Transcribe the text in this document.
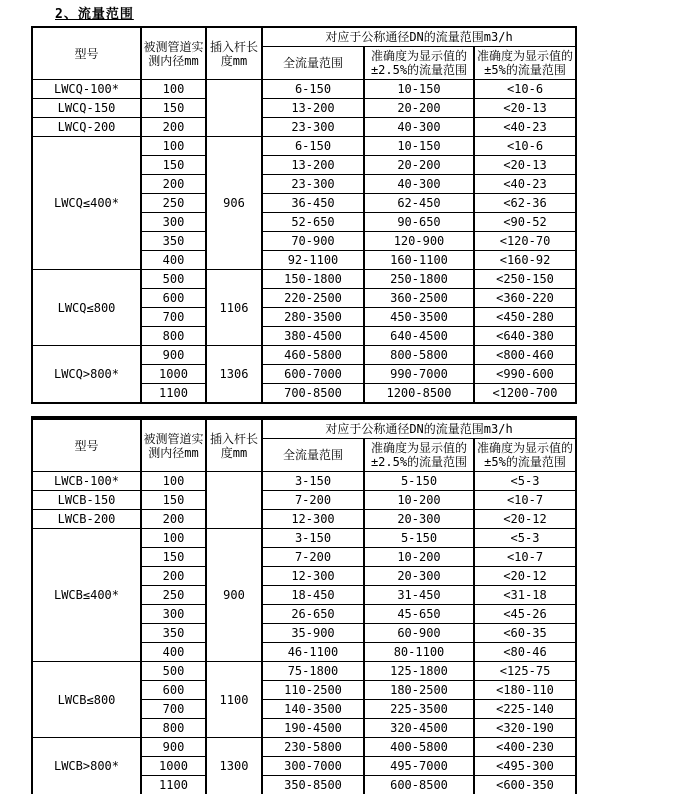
2、流量范围
型号	被测管道实测内径mm	插入杆长度mm	对应于公称通径DN的流量范围m3/h		
			全流量范围	准确度为显示值的±2.5%的流量范围	准确度为显示值的±5%的流量范围
LWCQ-100*	100		6-150	10-150	<10-6
LWCQ-150	150		13-200	20-200	<20-13
LWCQ-200	200		23-300	40-300	<40-23
LWCQ≤400*	100	906	6-150	10-150	<10-6
	150		13-200	20-200	<20-13
	200		23-300	40-300	<40-23
	250		36-450	62-450	<62-36
	300		52-650	90-650	<90-52
	350		70-900	120-900	<120-70
	400		92-1100	160-1100	<160-92
LWCQ≤800	500	1106	150-1800	250-1800	<250-150
	600		220-2500	360-2500	<360-220
	700		280-3500	450-3500	<450-280
	800		380-4500	640-4500	<640-380
LWCQ>800*	900	1306	460-5800	800-5800	<800-460
	1000		600-7000	990-7000	<990-600
	1100		700-8500	1200-8500	<1200-700
型号	被测管道实测内径mm	插入杆长度mm	对应于公称通径DN的流量范围m3/h		
			全流量范围	准确度为显示值的±2.5%的流量范围	准确度为显示值的±5%的流量范围
LWCB-100*	100		3-150	5-150	<5-3
LWCB-150	150		7-200	10-200	<10-7
LWCB-200	200		12-300	20-300	<20-12
LWCB≤400*	100	900	3-150	5-150	<5-3
	150		7-200	10-200	<10-7
	200		12-300	20-300	<20-12
	250		18-450	31-450	<31-18
	300		26-650	45-650	<45-26
	350		35-900	60-900	<60-35
	400		46-1100	80-1100	<80-46
LWCB≤800	500	1100	75-1800	125-1800	<125-75
	600		110-2500	180-2500	<180-110
	700		140-3500	225-3500	<225-140
	800		190-4500	320-4500	<320-190
LWCB>800*	900	1300	230-5800	400-5800	<400-230
	1000		300-7000	495-7000	<495-300
	1100		350-8500	600-8500	<600-350
